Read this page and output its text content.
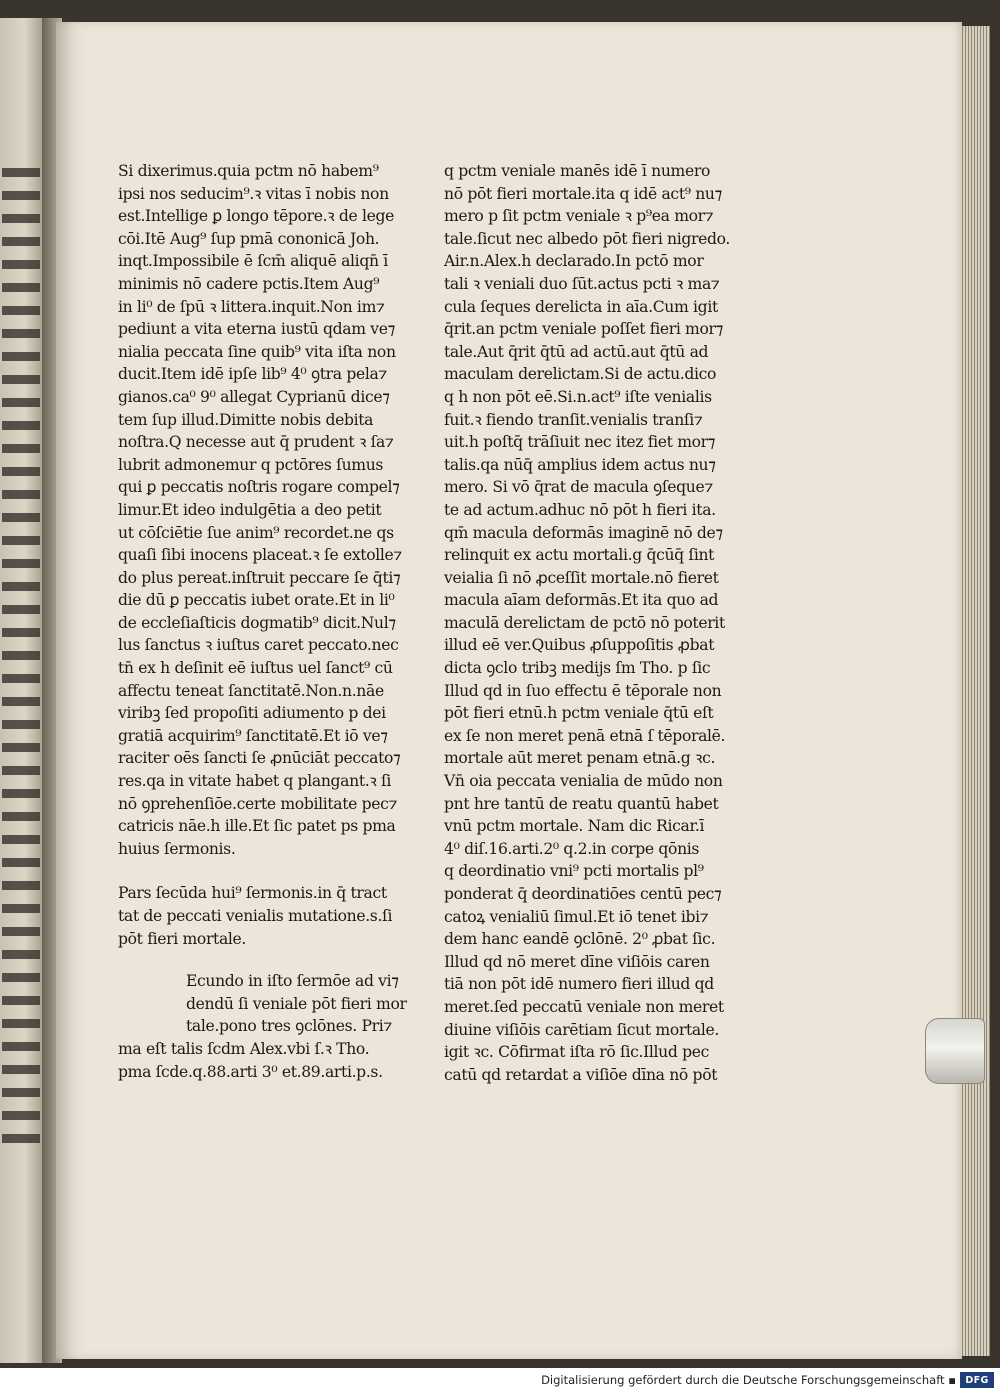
Si dixerimus.quia pctm nō habem⁹
ipsi nos seducim⁹.ꝛ vitas ī nobis non
est.Intellige ꝑ longo tēpore.ꝛ de lege
cōi.Itē Aug⁹ ſup pmā cononicā Joh.
inqt.Impossibile ē ſcm̄ aliquē aliqn̄ ī
minimis nō cadere pctis.Item Aug⁹
in li⁰ de ſpū ꝛ littera.inquit.Non im⁊
pediunt a vita eterna iustū qdam ve⁊
nialia peccata ſine quib⁹ vita iſta non
ducit.Item idē ipſe lib⁹ 4⁰ ꝯtra pela⁊
gianos.ca⁰ 9⁰ allegat Cyprianū dice⁊
tem ſup illud.Dimitte nobis debita
noſtra.Q necesse aut q̄ prudent ꝛ ſa⁊
lubrit admonemur q pctōres ſumus
qui ꝑ peccatis noſtris rogare compel⁊
limur.Et ideo indulgētia a deo petit
ut cōſciētie ſue anim⁹ recordet.ne qs
quaſi ſibi inocens placeat.ꝛ ſe extolle⁊
do plus pereat.inſtruit peccare ſe q̄ti⁊
die dū ꝑ peccatis iubet orate.Et in li⁰
de eccleſiaſticis dogmatib⁹ dicit.Nul⁊
lus ſanctus ꝛ iuſtus caret peccato.nec
tn̄ ex h deſinit eē iuſtus uel ſanct⁹ cū
affectu teneat ſanctitatē.Non.n.nāe
viribꝫ ſed propoſiti adiumento p dei
gratiā acquirim⁹ ſanctitatē.Et iō ve⁊
raciter oēs ſancti ſe ꝓnūciāt peccato⁊
res.qa in vitate habet q plangant.ꝛ ſi
nō ꝯprehenſiōe.certe mobilitate pec⁊
catricis nāe.h ille.Et ſic patet ps pma
huius ſermonis.
Pars ſecūda hui⁹ ſermonis.in q̄ tract
tat de peccati venialis mutatione.s.ſi
pōt fieri mortale.
Ecundo in iſto ſermōe ad vi⁊
dendū ſi veniale pōt fieri mor
tale.pono tres ꝯclōnes. Pri⁊
ma eſt talis ſcdm Alex.vbi ſ.ꝛ Tho.
pma ſcde.q.88.arti 3⁰ et.89.arti.p.s.
q pctm veniale manēs idē ī numero
nō pōt fieri mortale.ita q idē act⁹ nu⁊
mero p ſit pctm veniale ꝛ p⁹ea mor⁊
tale.ſicut nec albedo pōt fieri nigredo.
Air.n.Alex.h declarado.In pctō mor
tali ꝛ veniali duo ſūt.actus pcti ꝛ ma⁊
cula ſeques derelicta in aīa.Cum igit
q̄rit.an pctm veniale poſſet fieri mor⁊
tale.Aut q̄rit q̄tū ad actū.aut q̄tū ad
maculam derelictam.Si de actu.dico
q h non pōt eē.Si.n.act⁹ iſte venialis
fuit.ꝛ fiendo tranſit.venialis tranſi⁊
uit.h poſtq̄ trāſiuit nec itez fiet mor⁊
talis.qa nūq̄ amplius idem actus nu⁊
mero. Si vō q̄rat de macula ꝯſeque⁊
te ad actum.adhuc nō pōt h fieri ita.
qm̄ macula deformās imaginē nō de⁊
relinquit ex actu mortali.g q̄cūq̄ ſint
veialia ſi nō ꝓceſſit mortale.nō fieret
macula aīam deformās.Et ita quo ad
maculā derelictam de pctō nō poterit
illud eē ver.Quibus ꝓſuppoſitis ꝓbat
dicta ꝯclo tribꝫ medijs ſm Tho. p ſic
Illud qd in ſuo effectu ē tēporale non
pōt fieri etnū.h pctm veniale q̄tū eſt
ex ſe non meret penā etnā ſ tēporalē.
mortale aūt meret penam etnā.g ꝛc.
Vn̄ oia peccata venialia de mūdo non
pnt hre tantū de reatu quantū habet
vnū pctm mortale. Nam dic Ricar.ī
4⁰ diſ.16.arti.2⁰ q.2.in corpe qōnis
q deordinatio vni⁹ pcti mortalis pl⁹
ponderat q̄ deordinatiōes centū pec⁊
catoꝝ venialiū ſimul.Et iō tenet ibi⁊
dem hanc eandē ꝯclōnē. 2⁰ ꝓbat ſic.
Illud qd nō meret dīne viſiōis caren
tiā non pōt idē numero fieri illud qd
meret.ſed peccatū veniale non meret
diuine viſiōis carētiam ſicut mortale.
igit ꝛc. Cōfirmat iſta rō ſic.Illud pec
catū qd retardat a viſiōe dīna nō pōt
Digitalisierung gefördert durch die Deutsche Forschungsgemeinschaft ▪ DFG
